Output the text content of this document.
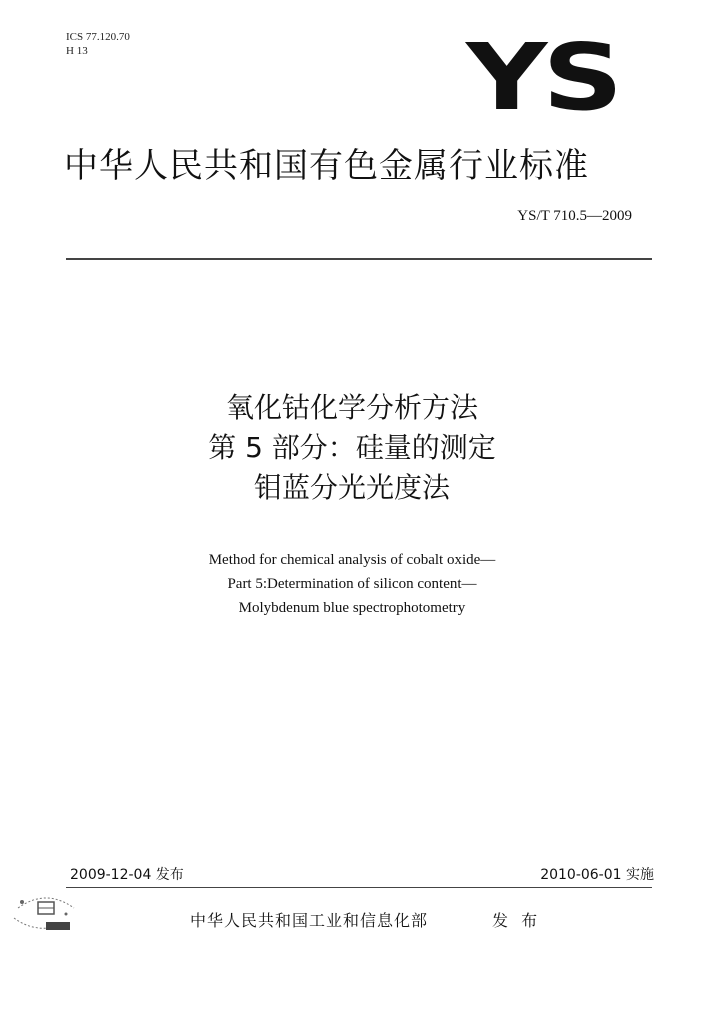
ICS 77.120.70
H 13	YS
中华人民共和国有色金属行业标准
YS/T 710.5—2009
氧化钴化学分析方法
第 5 部分：硅量的测定
钼蓝分光光度法
Method for chemical analysis of cobalt oxide—
Part 5:Determination of silicon content—
Molybdenum blue spectrophotometry
2009-12-04 发布	2010-06-01 实施
中华人民共和国工业和信息化部	发 布
